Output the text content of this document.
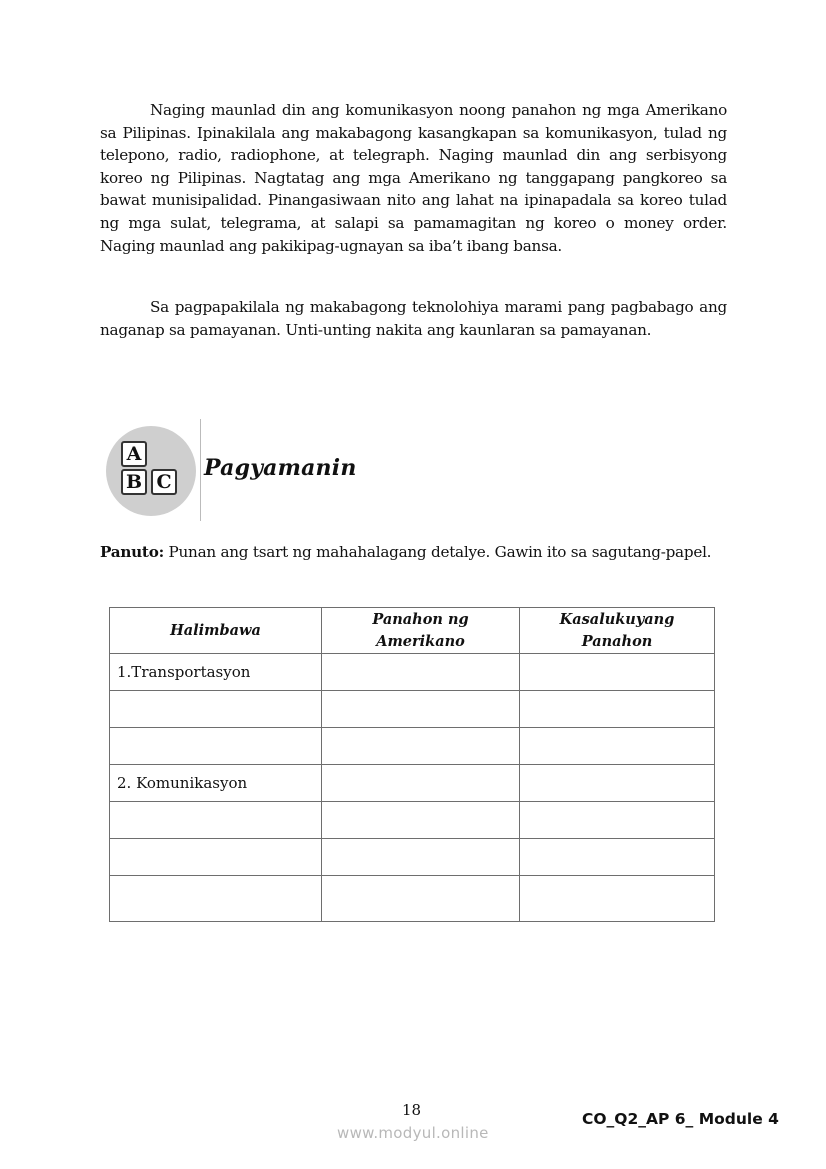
Naging maunlad din ang komunikasyon noong panahon ng mga Amerikano sa Pilipinas. Ipinakilala ang makabagong kasangkapan sa komunikasyon, tulad ng telepono, radio, radiophone, at telegraph. Naging maunlad din ang serbisyong koreo ng Pilipinas. Nagtatag ang mga Amerikano ng tanggapang pangkoreo sa bawat munisipalidad. Pinangasiwaan nito ang lahat na ipinapadala sa koreo tulad ng mga sulat, telegrama, at salapi sa pamamagitan ng koreo o money order. Naging maunlad ang pakikipag-ugnayan sa iba’t ibang bansa.

Sa pagpapakilala ng makabagong teknolohiya marami pang pagbabago ang naganap sa pamayanan. Unti-unting nakita ang kaunlaran sa pamayanan.

A
B C
Pagyamanin

Panuto: Punan ang tsart ng mahahalagang detalye. Gawin ito sa sagutang-papel.

Halimbawa	Panahon ng Amerikano	Kasalukuyang Panahon
1.Transportasyon		

2. Komunikasyon		

18
www.modyul.online
CO_Q2_AP 6_ Module 4
